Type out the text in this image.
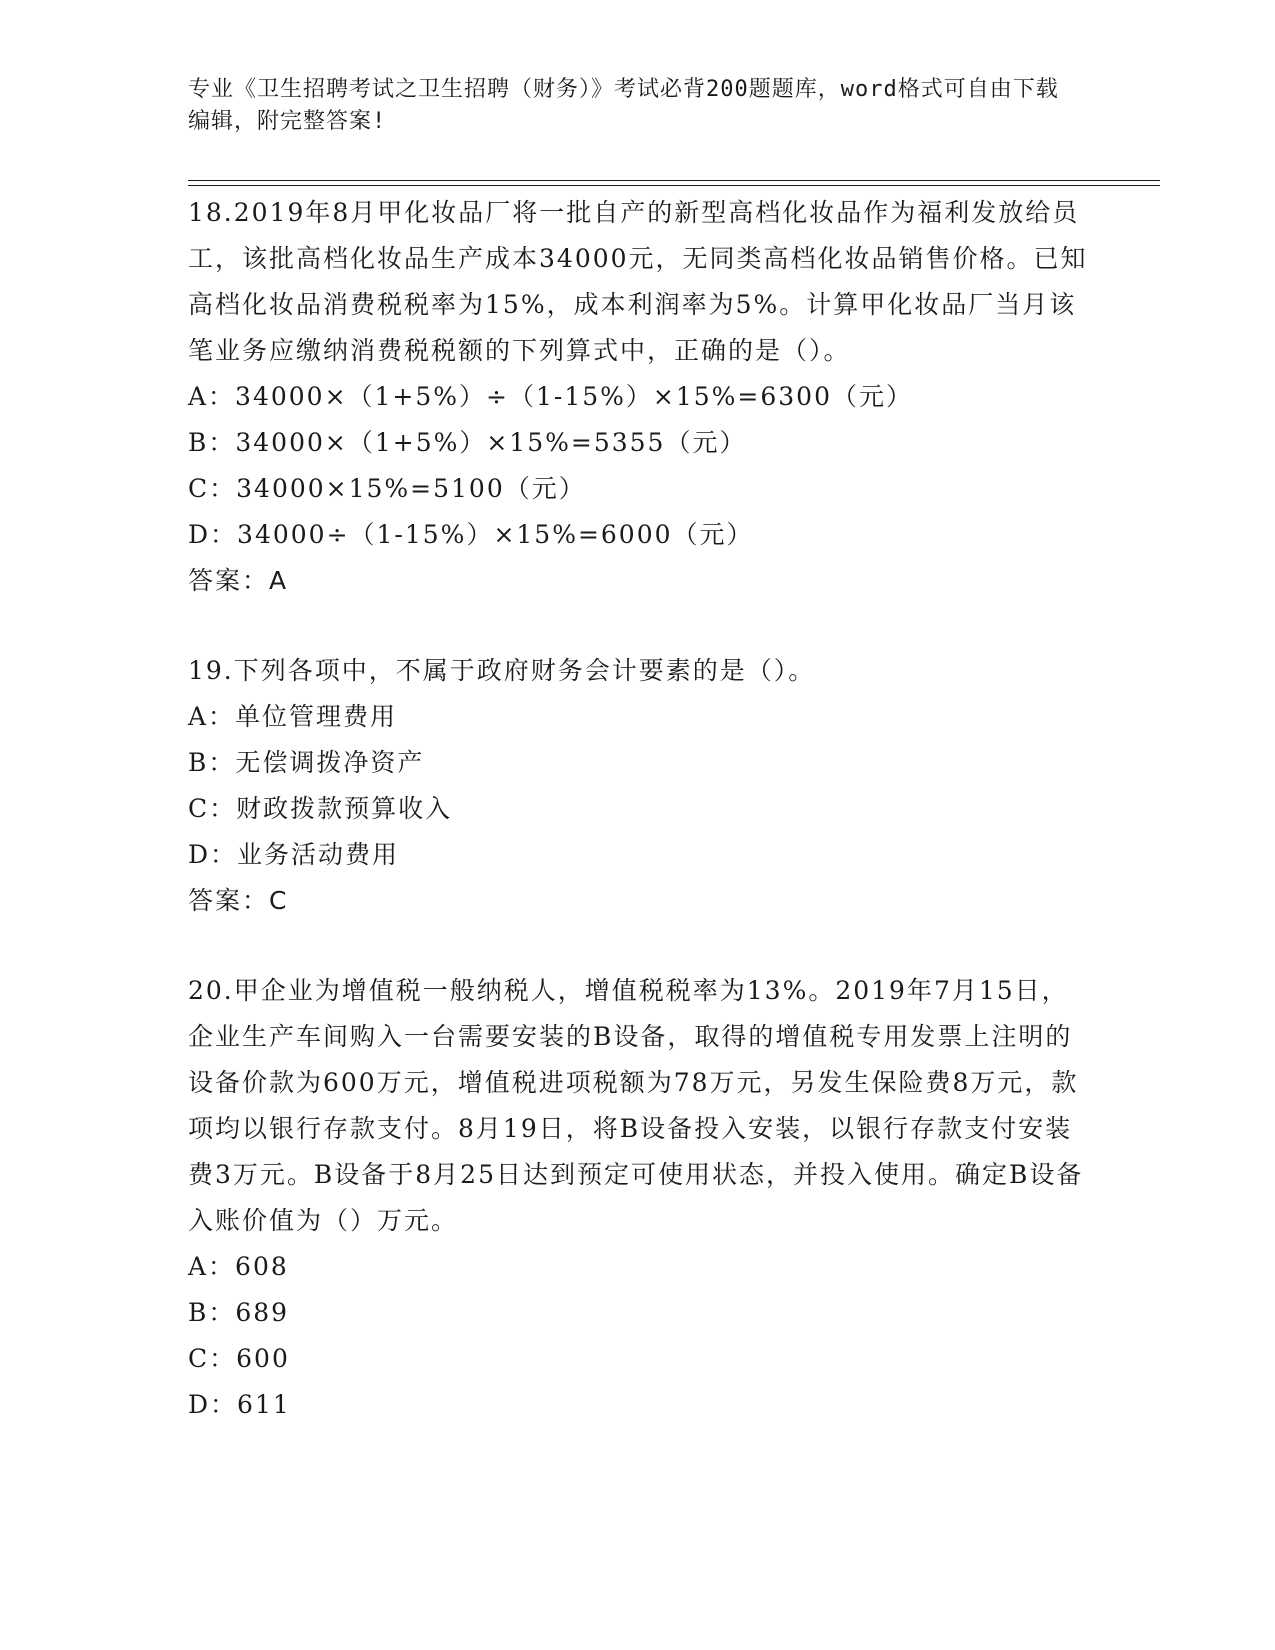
专业《卫生招聘考试之卫生招聘（财务）》考试必背200题题库，word格式可自由下载编辑，附完整答案!
18.2019年8月甲化妆品厂将一批自产的新型高档化妆品作为福利发放给员工，该批高档化妆品生产成本34000元，无同类高档化妆品销售价格。已知高档化妆品消费税税率为15%，成本利润率为5%。计算甲化妆品厂当月该笔业务应缴纳消费税税额的下列算式中，正确的是（）。
A：34000×（1+5%）÷（1-15%）×15%=6300（元）
B：34000×（1+5%）×15%=5355（元）
C：34000×15%=5100（元）
D：34000÷（1-15%）×15%=6000（元）
答案：A
19.下列各项中，不属于政府财务会计要素的是（）。
A：单位管理费用
B：无偿调拨净资产
C：财政拨款预算收入
D：业务活动费用
答案：C
20.甲企业为增值税一般纳税人，增值税税率为13%。2019年7月15日，企业生产车间购入一台需要安装的B设备，取得的增值税专用发票上注明的设备价款为600万元，增值税进项税额为78万元，另发生保险费8万元，款项均以银行存款支付。8月19日，将B设备投入安装，以银行存款支付安装费3万元。B设备于8月25日达到预定可使用状态，并投入使用。确定B设备入账价值为（）万元。
A：608
B：689
C：600
D：611
